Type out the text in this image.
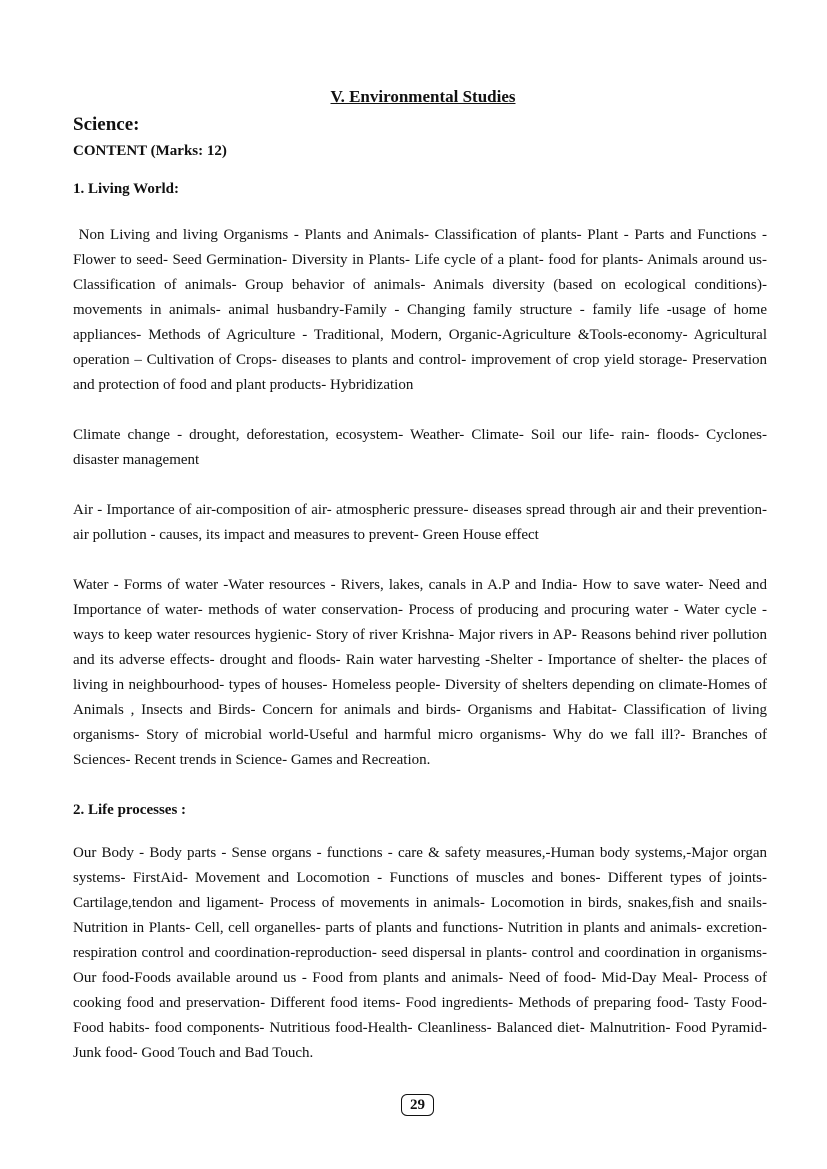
V. Environmental Studies
Science:
CONTENT (Marks: 12)
1. Living World:

Non Living and living Organisms - Plants and Animals- Classification of plants- Plant - Parts and Functions - Flower to seed- Seed Germination- Diversity in Plants- Life cycle of a plant- food for plants- Animals around us- Classification of animals- Group behavior of animals- Animals diversity (based on ecological conditions)-movements in animals- animal husbandry-Family - Changing family structure - family life -usage of home appliances- Methods of Agriculture - Traditional, Modern, Organic-Agriculture &Tools-economy- Agricultural operation – Cultivation of Crops- diseases to plants and control- improvement of crop yield storage- Preservation and protection of food and plant products- Hybridization

Climate change - drought, deforestation, ecosystem- Weather- Climate- Soil our life- rain- floods- Cyclones- disaster management

Air - Importance of air-composition of air- atmospheric pressure- diseases spread through air and their prevention-air pollution - causes, its impact and measures to prevent- Green House effect

Water - Forms of water -Water resources - Rivers, lakes, canals in A.P and India- How to save water- Need and Importance of water- methods of water conservation- Process of producing and procuring water - Water cycle - ways to keep water resources hygienic- Story of river Krishna- Major rivers in AP- Reasons behind river pollution and its adverse effects- drought and floods- Rain water harvesting -Shelter - Importance of shelter- the places of living in neighbourhood- types of houses- Homeless people- Diversity of shelters depending on climate-Homes of Animals , Insects and Birds- Concern for animals and birds- Organisms and Habitat- Classification of living organisms- Story of microbial world-Useful and harmful micro organisms- Why do we fall ill?- Branches of Sciences- Recent trends in Science- Games and Recreation.

2. Life processes :

Our Body - Body parts - Sense organs - functions - care & safety measures,-Human body systems,-Major organ systems- FirstAid- Movement and Locomotion - Functions of muscles and bones- Different types of joints- Cartilage,tendon and ligament- Process of movements in animals- Locomotion in birds, snakes,fish and snails- Nutrition in Plants- Cell, cell organelles- parts of plants and functions- Nutrition in plants and animals- excretion-respiration control and coordination-reproduction- seed dispersal in plants- control and coordination in organisms- Our food-Foods available around us - Food from plants and animals- Need of food- Mid-Day Meal- Process of cooking food and preservation- Different food items- Food ingredients- Methods of preparing food- Tasty Food- Food habits- food components- Nutritious food-Health- Cleanliness- Balanced diet- Malnutrition- Food Pyramid- Junk food- Good Touch and Bad Touch.

29
